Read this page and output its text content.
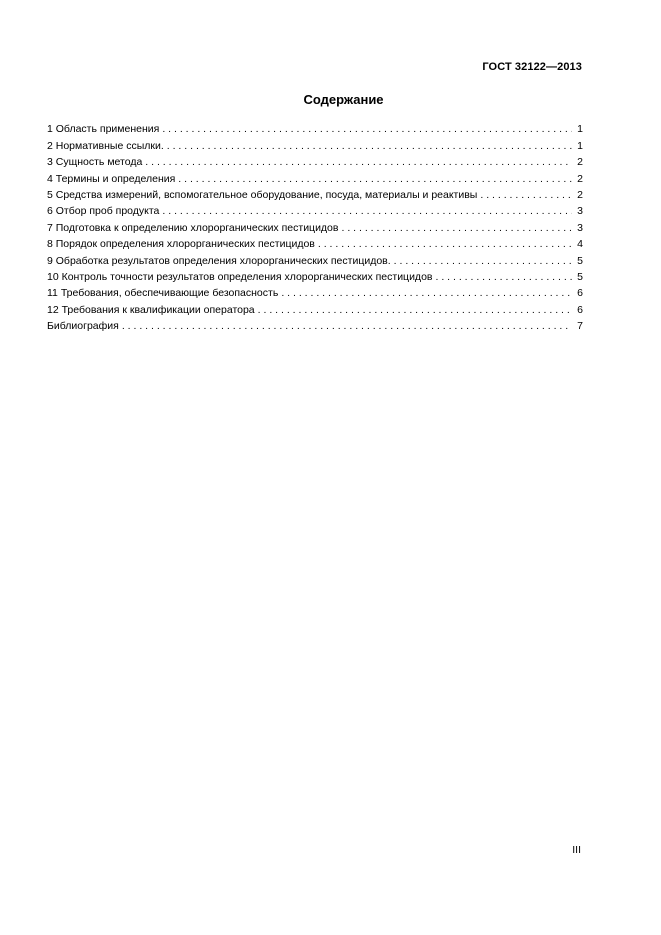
ГОСТ 32122—2013
Содержание
1 Область применения . . .	1
2 Нормативные ссылки. . . .	1
3 Сущность метода . . .	2
4 Термины и определения . . .	2
5 Средства измерений, вспомогательное оборудование, посуда, материалы и реактивы . . .	2
6 Отбор проб продукта . . .	3
7 Подготовка к определению хлорорганических пестицидов . . .	3
8 Порядок определения хлорорганических пестицидов . . .	4
9 Обработка результатов определения хлорорганических пестицидов. . . .	5
10 Контроль точности результатов определения хлорорганических пестицидов . . .	5
11 Требования, обеспечивающие безопасность . . .	6
12 Требования к квалификации оператора . . .	6
Библиография . . .	7
III
